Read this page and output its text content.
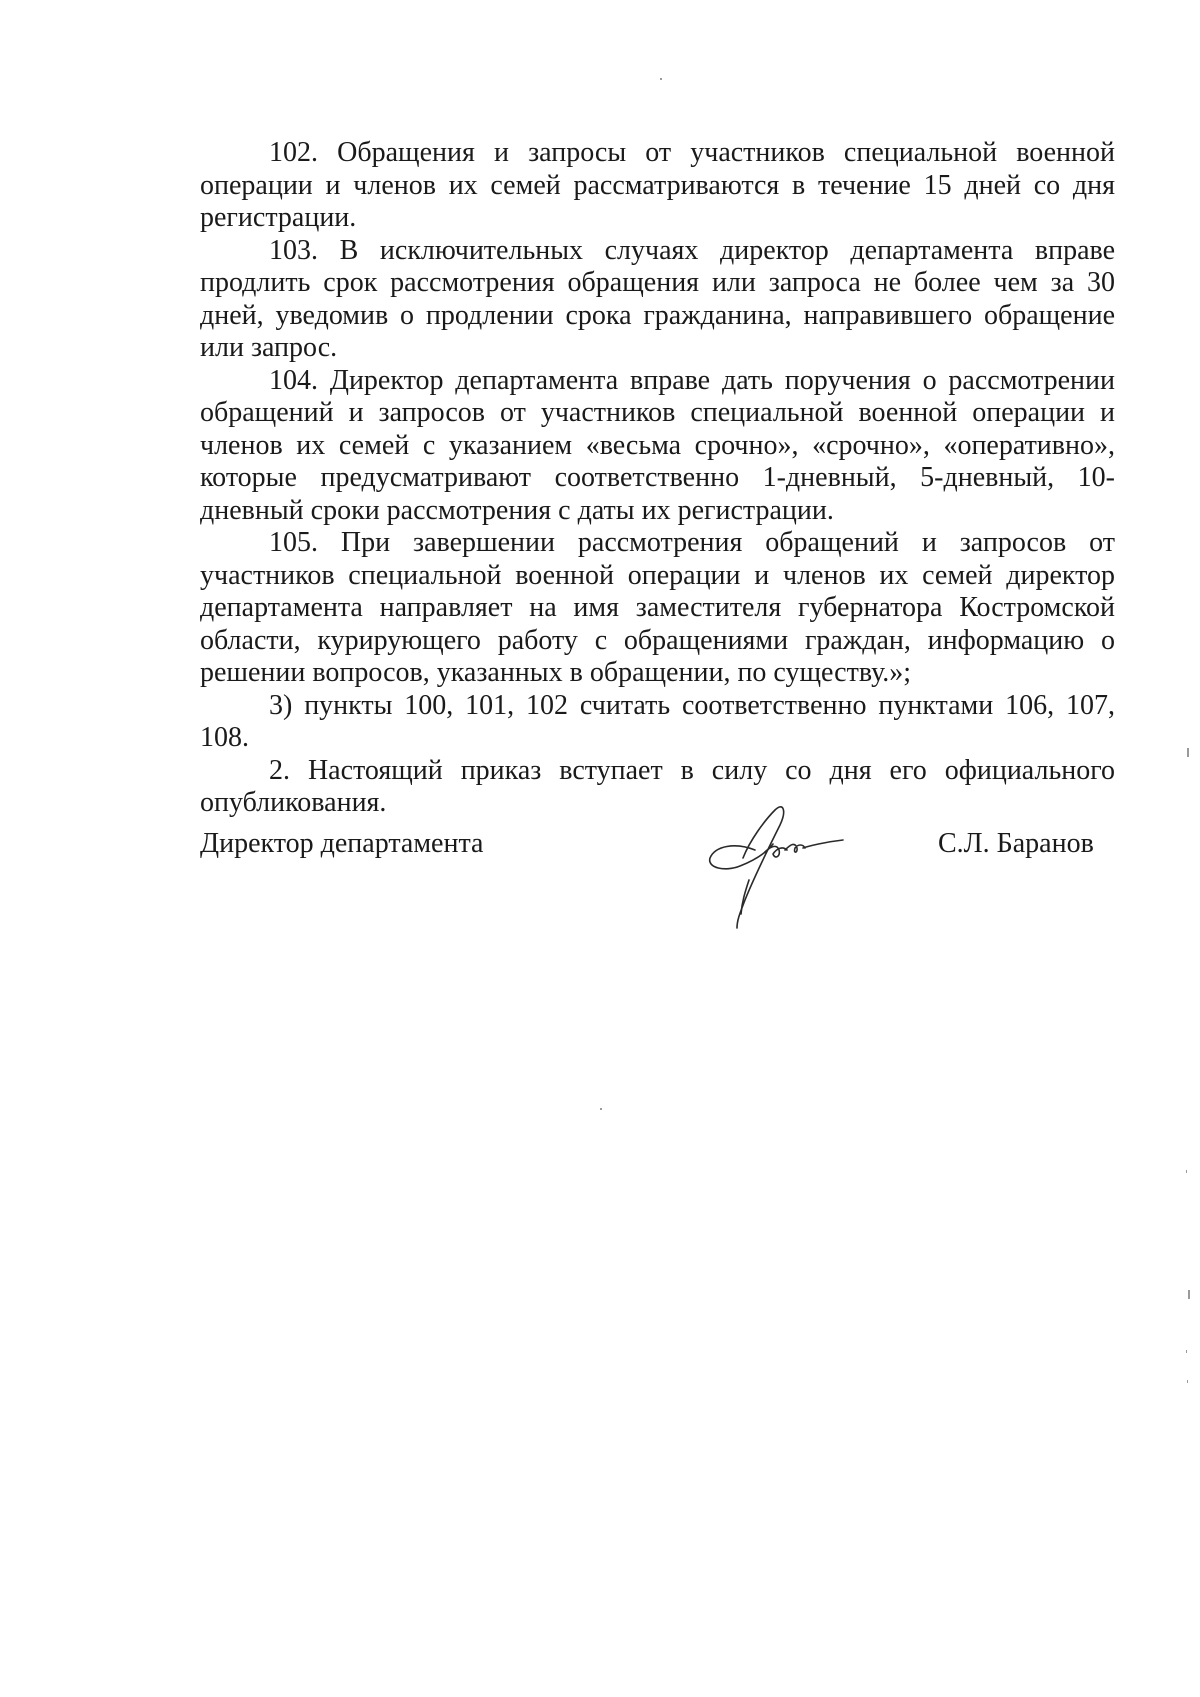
102. Обращения и запросы от участников специальной военной операции и членов их семей рассматриваются в течение 15 дней со дня регистрации.

103. В исключительных случаях директор департамента вправе продлить срок рассмотрения обращения или запроса не более чем за 30 дней, уведомив о продлении срока гражданина, направившего обращение или запрос.

104. Директор департамента вправе дать поручения о рассмотрении обращений и запросов от участников специальной военной операции и членов их семей с указанием «весьма срочно», «срочно», «оперативно», которые предусматривают соответственно 1-дневный, 5-дневный, 10-дневный сроки рассмотрения с даты их регистрации.

105. При завершении рассмотрения обращений и запросов от участников специальной военной операции и членов их семей директор департамента направляет на имя заместителя губернатора Костромской области, курирующего работу с обращениями граждан, информацию о решении вопросов, указанных в обращении, по существу.»;

3) пункты 100, 101, 102 считать соответственно пунктами 106, 107, 108.

2. Настоящий приказ вступает в силу со дня его официального опубликования.

Директор департамента	С.Л. Баранов
